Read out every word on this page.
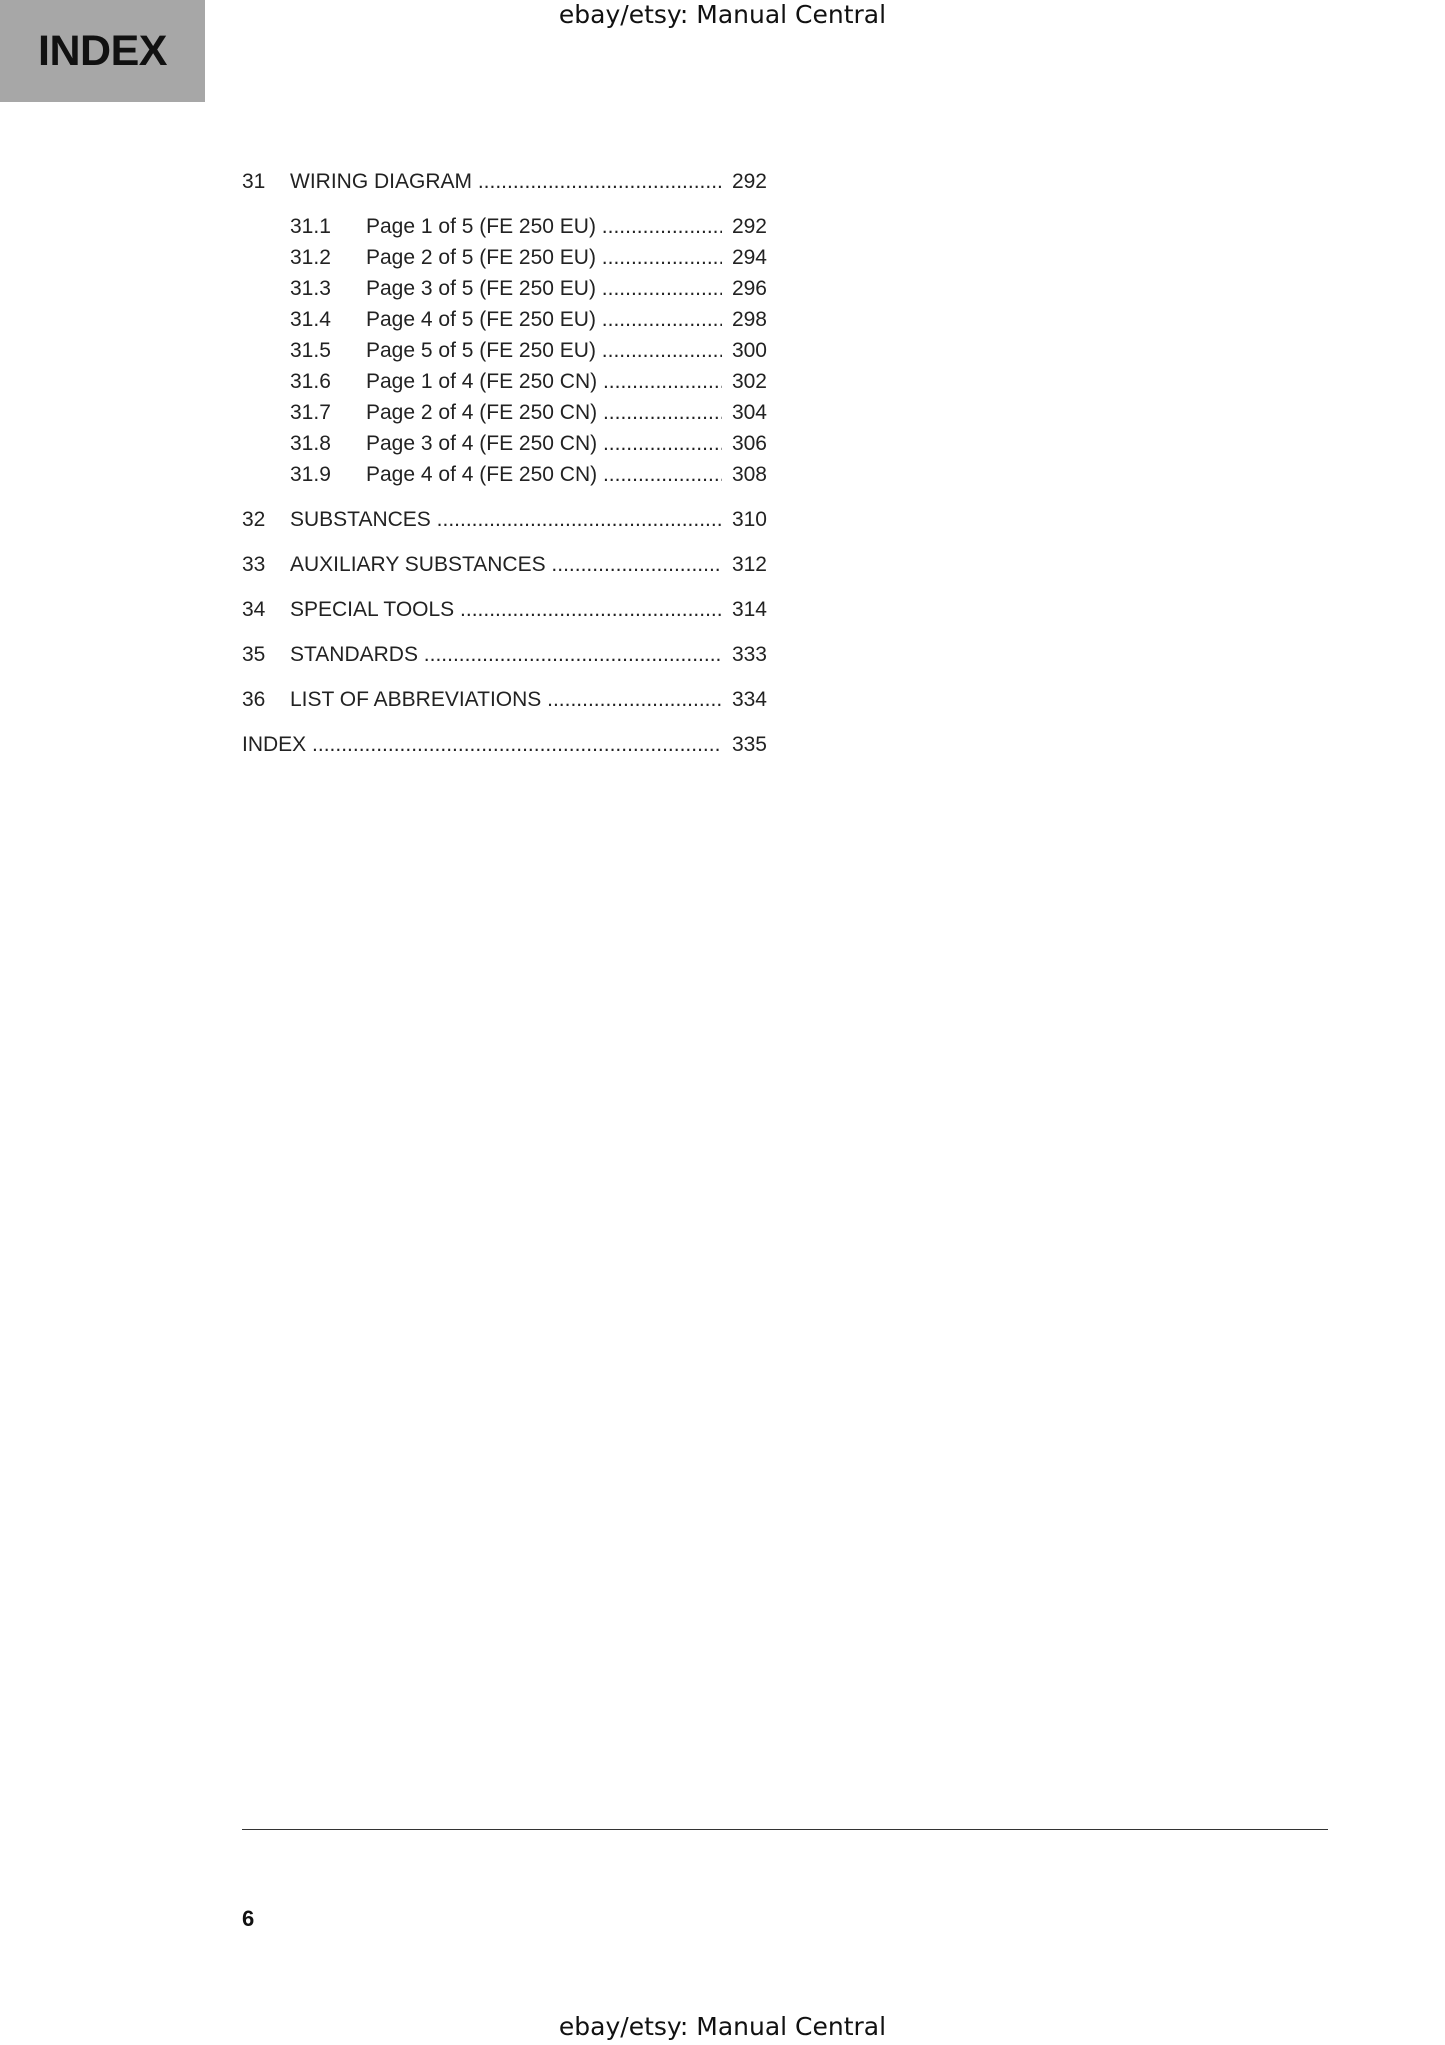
INDEX
ebay/etsy: Manual Central
31 WIRING DIAGRAM .....	292
31.1 Page 1 of 5 (FE 250 EU) .....	292
31.2 Page 2 of 5 (FE 250 EU) .....	294
31.3 Page 3 of 5 (FE 250 EU) .....	296
31.4 Page 4 of 5 (FE 250 EU) .....	298
31.5 Page 5 of 5 (FE 250 EU) .....	300
31.6 Page 1 of 4 (FE 250 CN) .....	302
31.7 Page 2 of 4 (FE 250 CN) .....	304
31.8 Page 3 of 4 (FE 250 CN) .....	306
31.9 Page 4 of 4 (FE 250 CN) .....	308
32 SUBSTANCES .....	310
33 AUXILIARY SUBSTANCES .....	312
34 SPECIAL TOOLS .....	314
35 STANDARDS .....	333
36 LIST OF ABBREVIATIONS .....	334
INDEX .....	335
6
ebay/etsy: Manual Central
